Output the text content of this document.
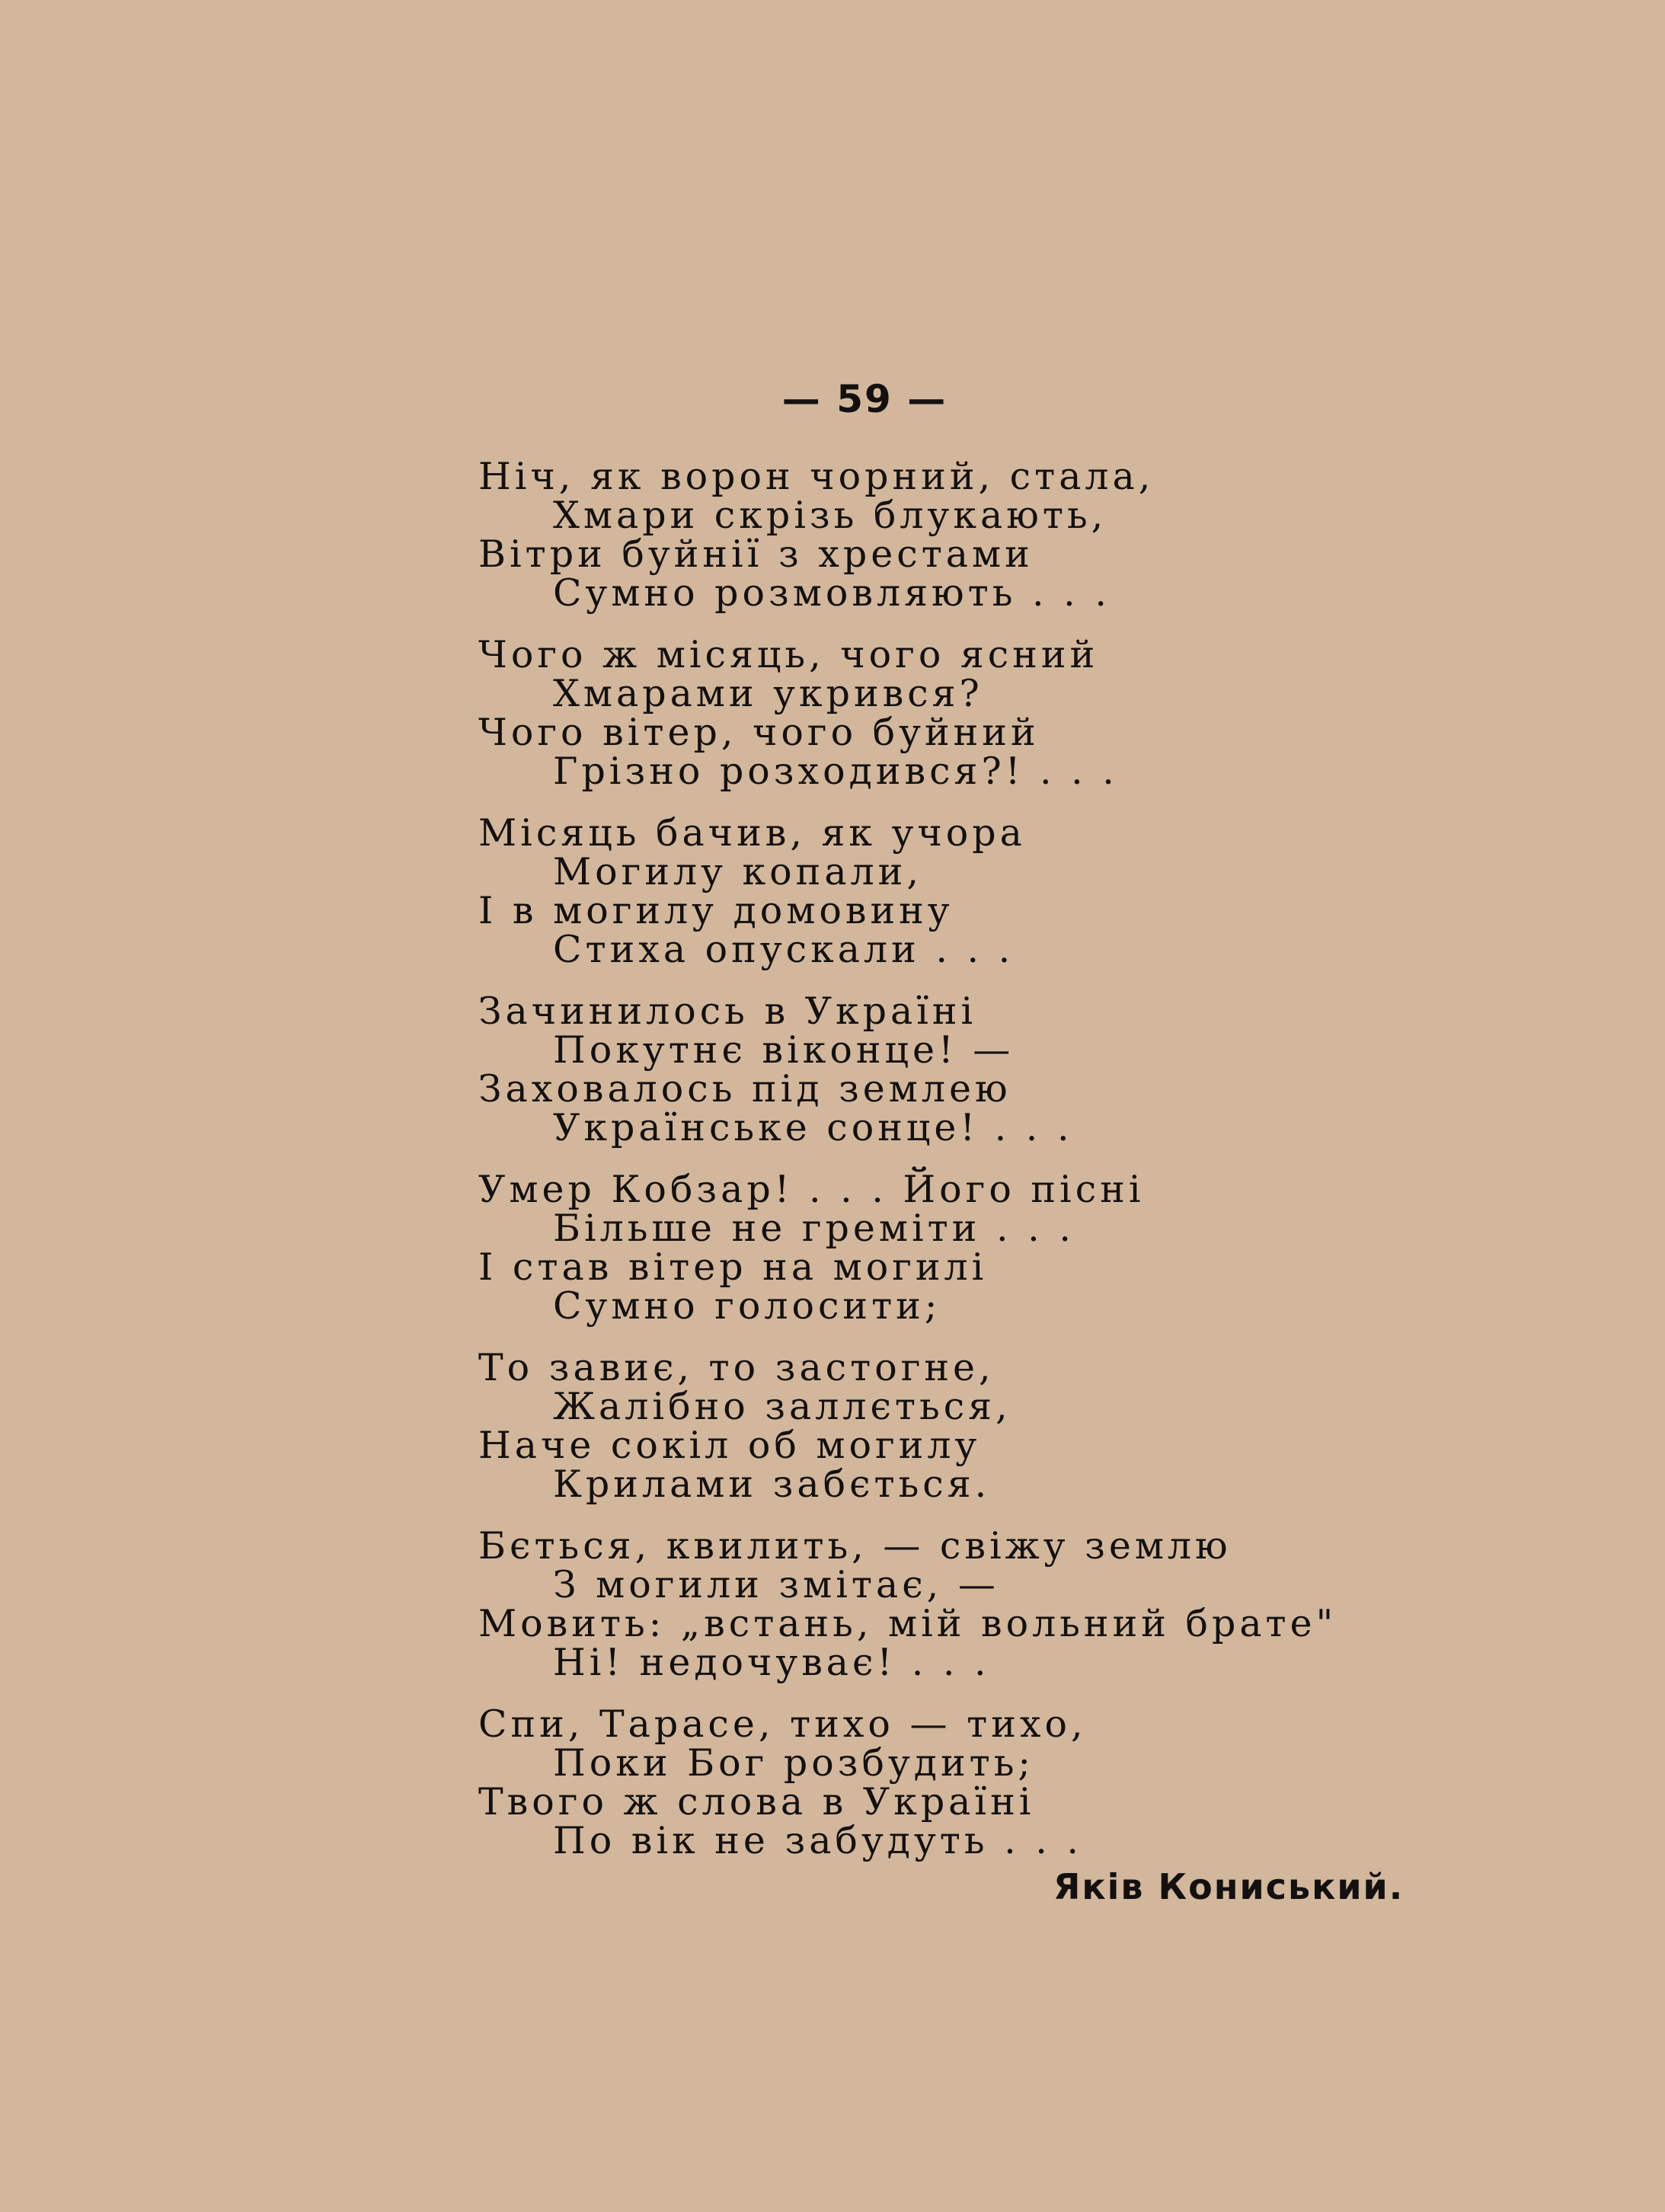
— 59 —
Ніч, як ворон чорний, стала,
Хмари скрізь блукають,
Вітри буйнії з хрестами
Сумно розмовляють . . .
Чого ж місяць, чого ясний
Хмарами укрився?
Чого вітер, чого буйний
Грізно розходився?! . . .
Місяць бачив, як учора
Могилу копали,
І в могилу домовину
Стиха опускали . . .
Зачинилось в Україні
Покутнє віконце! —
Заховалось під землею
Українське сонце! . . .
Умер Кобзар! . . . Його пісні
Більше не греміти . . .
І став вітер на могилі
Сумно голосити;
То завиє, то застогне,
Жалібно заллється,
Наче сокіл об могилу
Крилами забється.
Бється, квилить, — свіжу землю
З могили змітає, —
Мовить: „встань, мій вольний брате"
Ні! недочуває! . . .
Спи, Тарасе, тихо — тихо,
Поки Бог розбудить;
Твого ж слова в Україні
По вік не забудуть . . .
Яків Кониський.
